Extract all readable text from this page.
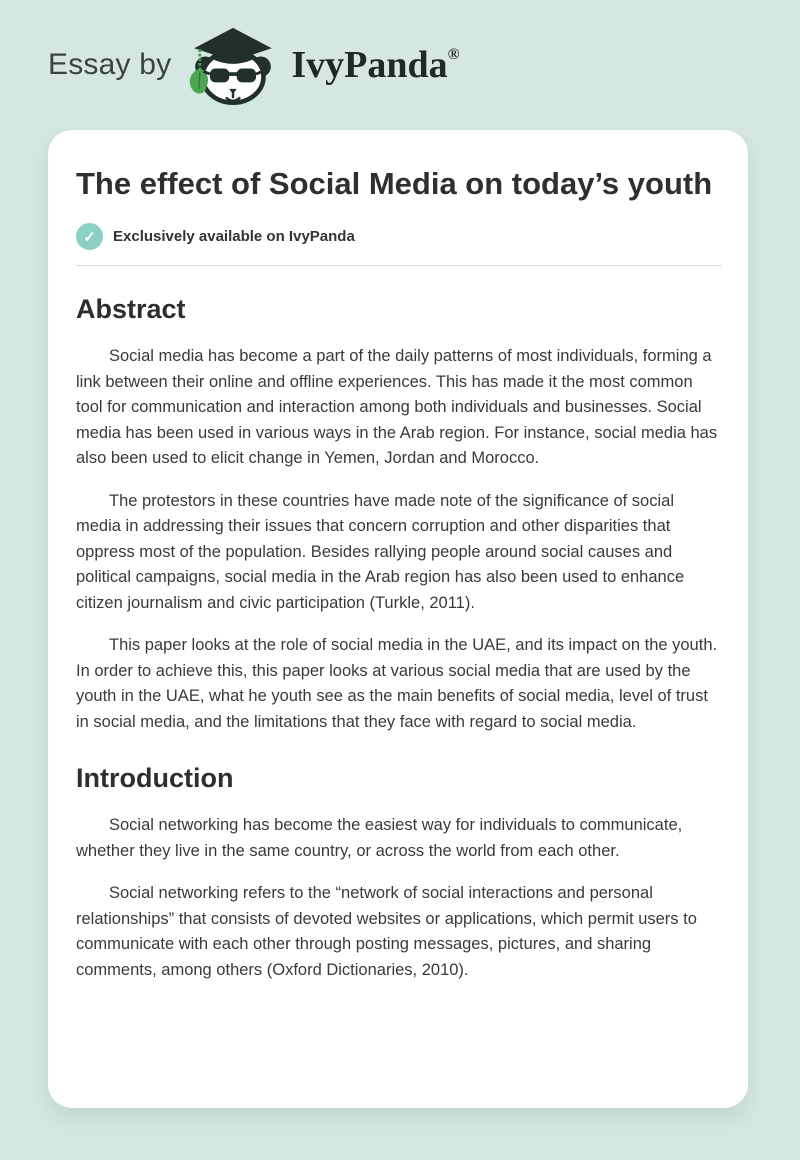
Essay by	IvyPanda®
The effect of Social Media on today’s youth
✓	Exclusively available on IvyPanda
Abstract

Social media has become a part of the daily patterns of most individuals, forming a link between their online and offline experiences. This has made it the most common tool for communication and interaction among both individuals and businesses. Social media has been used in various ways in the Arab region. For instance, social media has also been used to elicit change in Yemen, Jordan and Morocco.

The protestors in these countries have made note of the significance of social media in addressing their issues that concern corruption and other disparities that oppress most of the population. Besides rallying people around social causes and political campaigns, social media in the Arab region has also been used to enhance citizen journalism and civic participation (Turkle, 2011).

This paper looks at the role of social media in the UAE, and its impact on the youth. In order to achieve this, this paper looks at various social media that are used by the youth in the UAE, what he youth see as the main benefits of social media, level of trust in social media, and the limitations that they face with regard to social media.

Introduction

Social networking has become the easiest way for individuals to communicate, whether they live in the same country, or across the world from each other.

Social networking refers to the “network of social interactions and personal relationships” that consists of devoted websites or applications, which permit users to communicate with each other through posting messages, pictures, and sharing comments, among others (Oxford Dictionaries, 2010).
